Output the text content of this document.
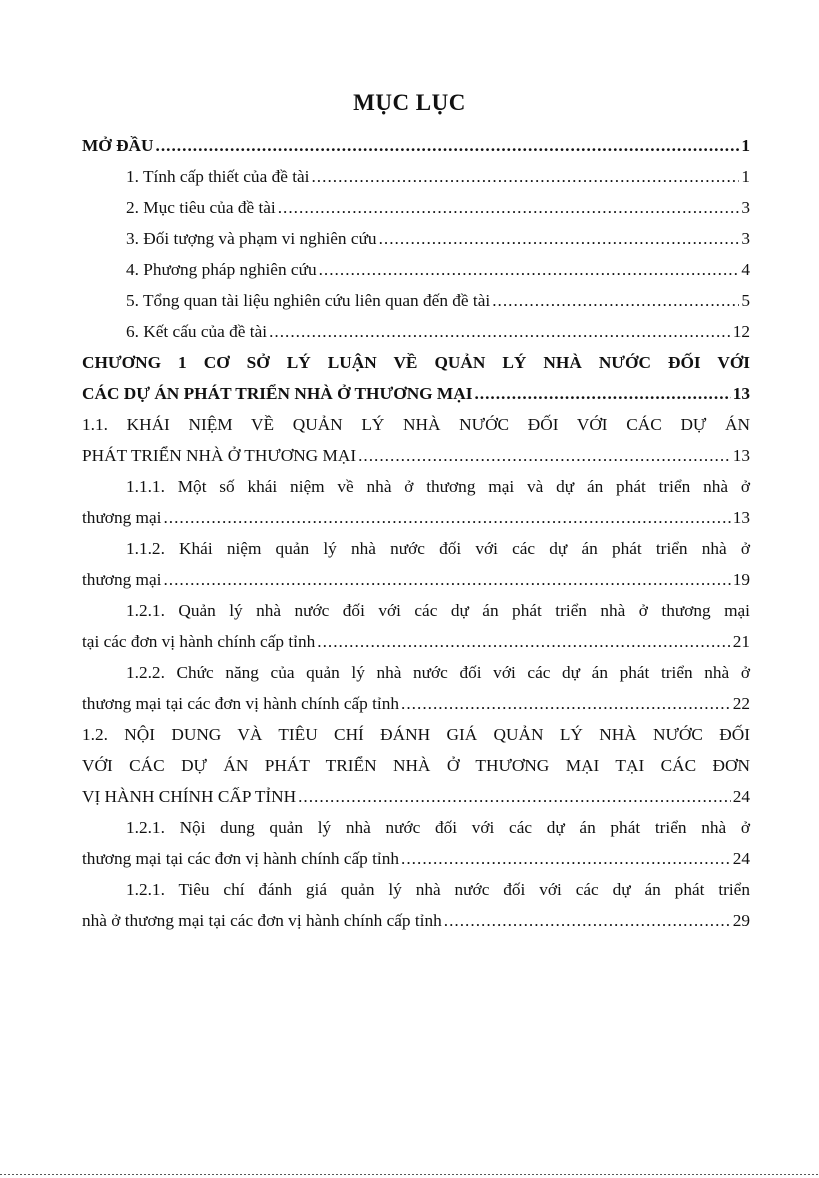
MỤC LỤC
MỞ ĐẦU .....	1
1. Tính cấp thiết của đề tài .....	1
2. Mục tiêu của đề tài .....	3
3. Đối tượng và phạm vi nghiên cứu .....	3
4. Phương pháp nghiên cứu .....	4
5. Tổng quan tài liệu nghiên cứu liên quan đến đề tài .....	5
6. Kết cấu của đề tài .....	12
CHƯƠNG 1 CƠ SỞ LÝ LUẬN VỀ QUẢN LÝ NHÀ NƯỚC ĐỐI VỚI
CÁC DỰ ÁN PHÁT TRIỂN NHÀ Ở THƯƠNG MẠI .....	13
1.1. KHÁI NIỆM VỀ QUẢN LÝ NHÀ NƯỚC ĐỐI VỚI CÁC DỰ ÁN
PHÁT TRIỂN NHÀ Ở THƯƠNG MẠI .....	13
1.1.1. Một số khái niệm về nhà ở thương mại và dự án phát triển nhà ở
thương mại .....	13
1.1.2. Khái niệm quản lý nhà nước đối với các dự án phát triển nhà ở
thương mại .....	19
1.2.1. Quản lý nhà nước đối với các dự án phát triển nhà ở thương mại
tại các đơn vị hành chính cấp tỉnh .....	21
1.2.2. Chức năng của quản lý nhà nước đối với các dự án phát triển nhà ở
thương mại tại các đơn vị hành chính cấp tỉnh .....	22
1.2. NỘI DUNG VÀ TIÊU CHÍ ĐÁNH GIÁ QUẢN LÝ NHÀ NƯỚC ĐỐI
VỚI CÁC DỰ ÁN PHÁT TRIỂN NHÀ Ở THƯƠNG MẠI TẠI CÁC ĐƠN
VỊ HÀNH CHÍNH CẤP TỈNH .....	24
1.2.1. Nội dung quản lý nhà nước đối với các dự án phát triển nhà ở
thương mại tại các đơn vị hành chính cấp tỉnh .....	24
1.2.1. Tiêu chí đánh giá quản lý nhà nước đối với các dự án phát triển
nhà ở thương mại tại các đơn vị hành chính cấp tỉnh .....	29
